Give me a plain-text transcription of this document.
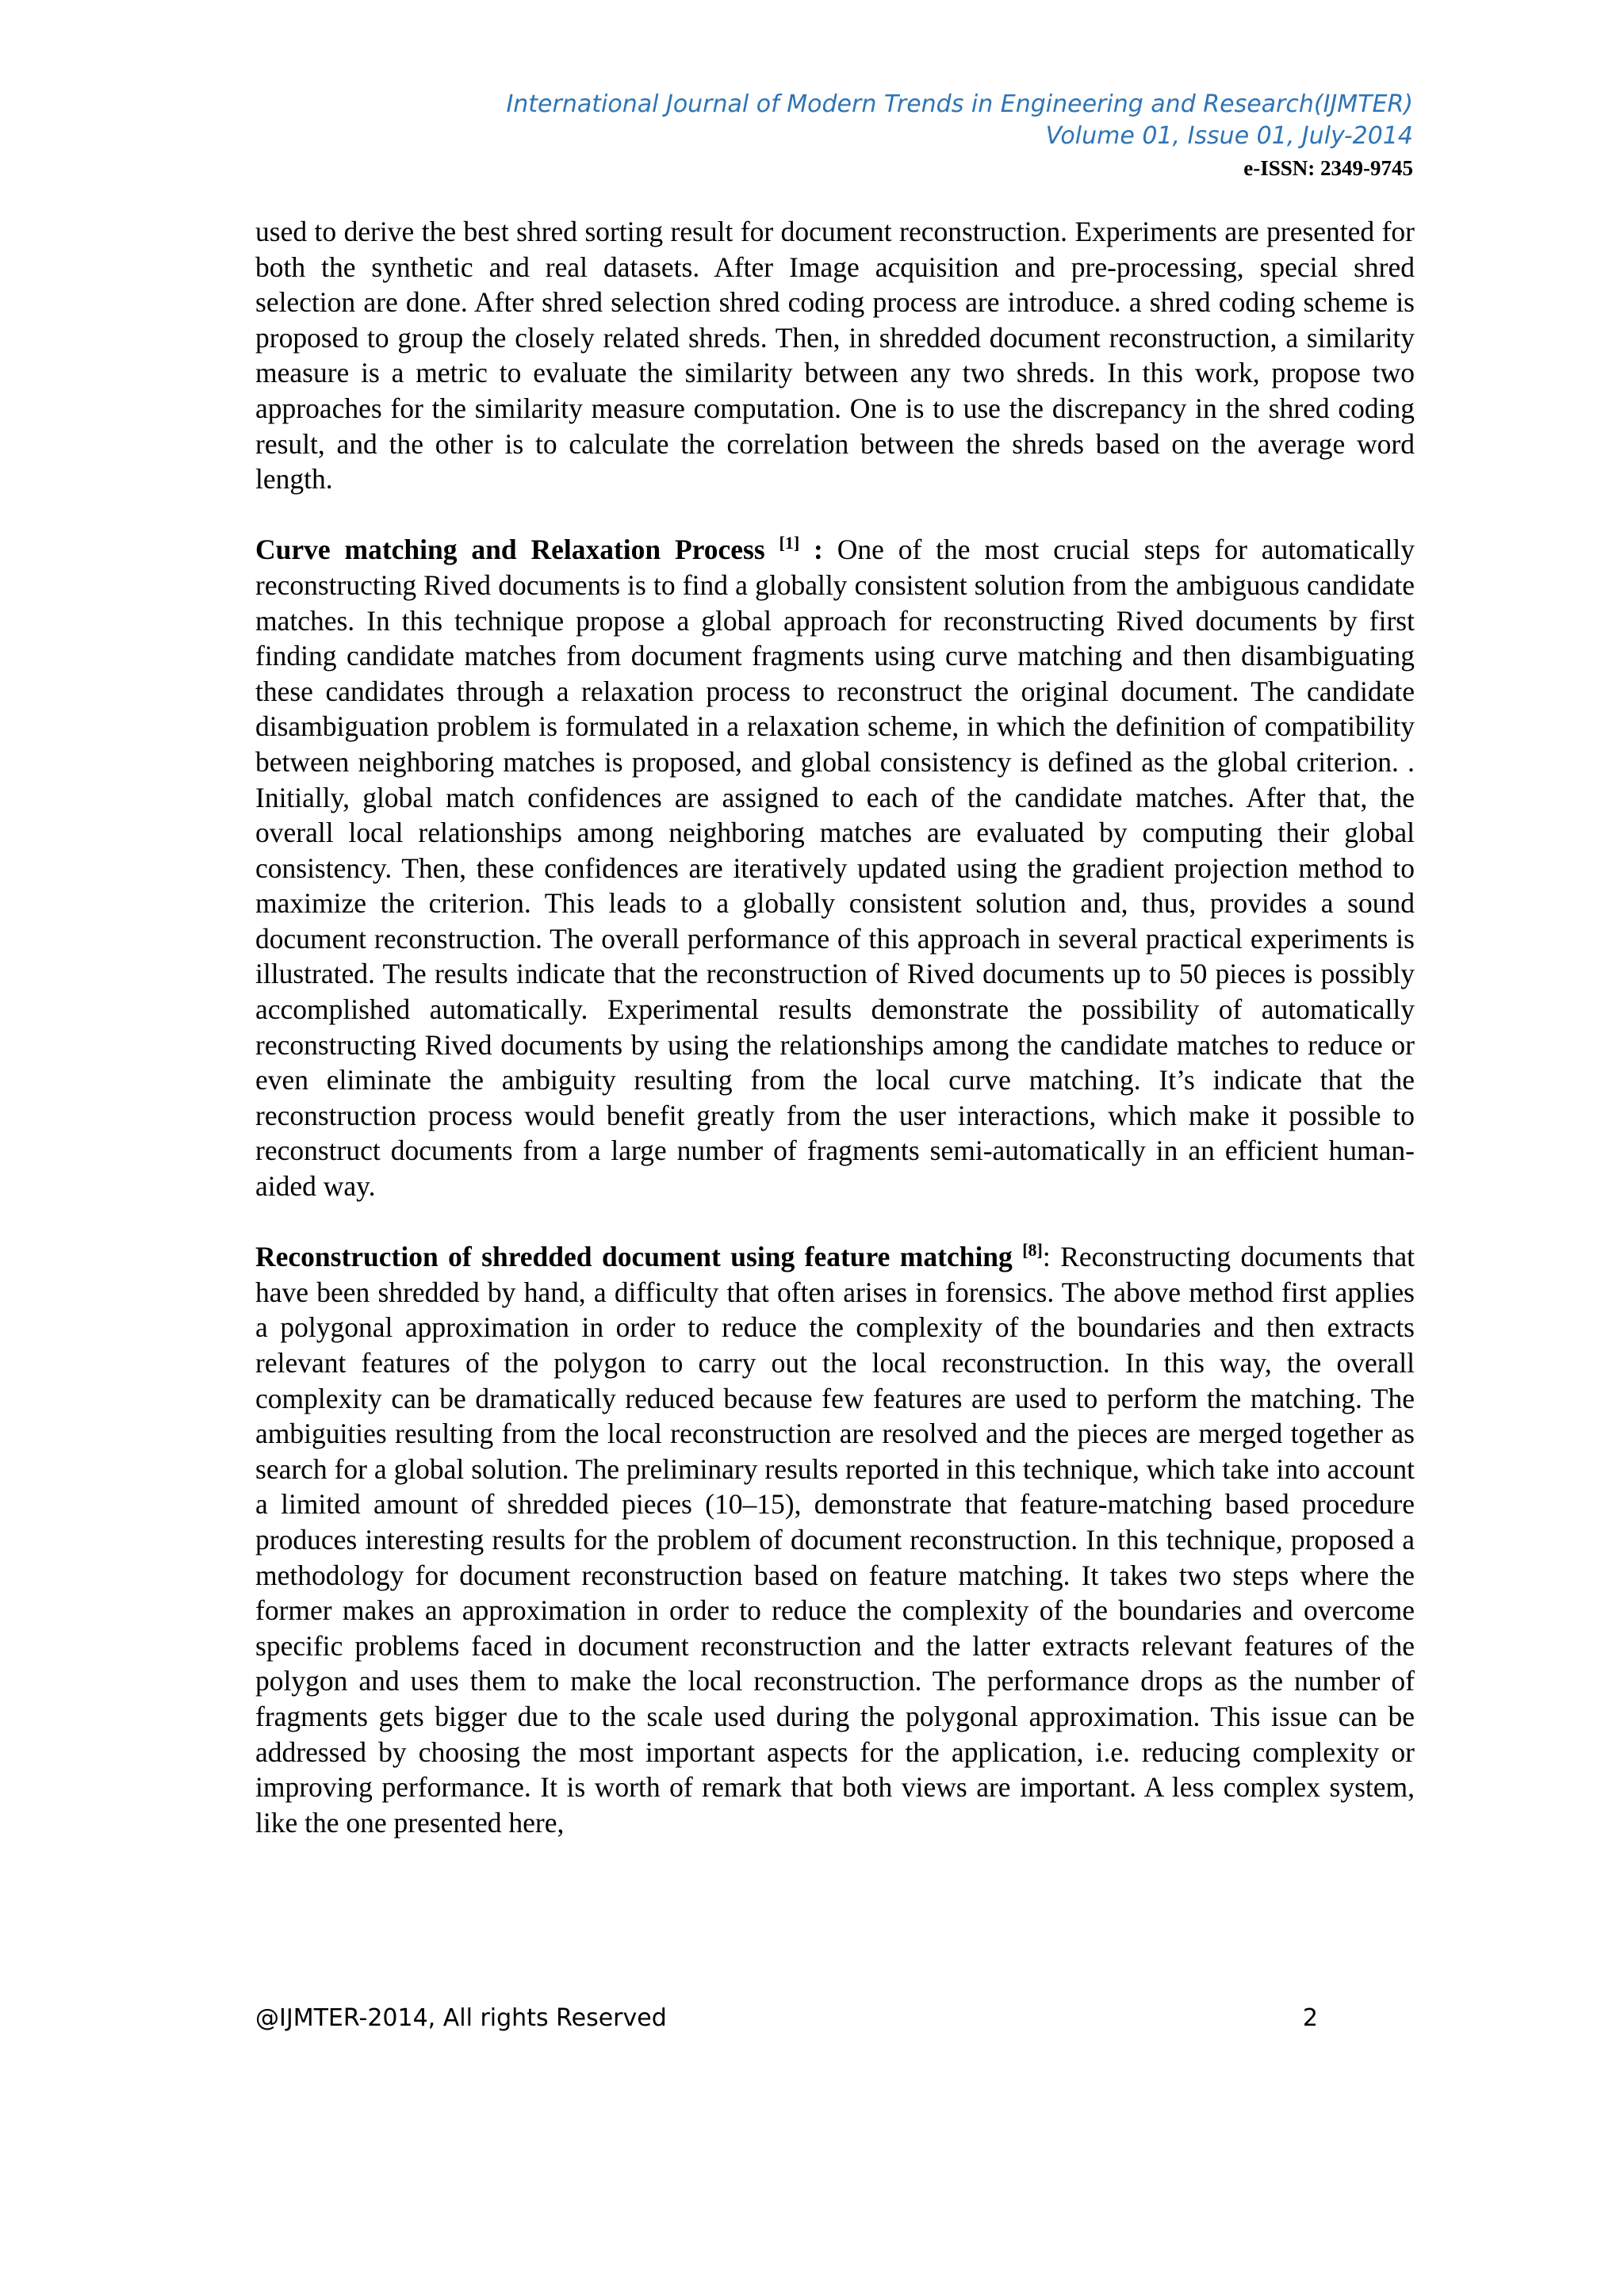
International Journal of Modern Trends in Engineering and Research(IJMTER)
Volume 01, Issue 01, July-2014
e-ISSN: 2349-9745

used to derive the best shred sorting result for document reconstruction. Experiments are presented for both the synthetic and real datasets. After Image acquisition and pre-processing, special shred selection are done. After shred selection shred coding process are introduce. a shred coding scheme is proposed to group the closely related shreds. Then, in shredded document reconstruction, a similarity measure is a metric to evaluate the similarity between any two shreds. In this work, propose two approaches for the similarity measure computation. One is to use the discrepancy in the shred coding result, and the other is to calculate the correlation between the shreds based on the average word length.

Curve matching and Relaxation Process [1] : One of the most crucial steps for automatically reconstructing Rived documents is to find a globally consistent solution from the ambiguous candidate matches. In this technique propose a global approach for reconstructing Rived documents by first finding candidate matches from document fragments using curve matching and then disambiguating these candidates through a relaxation process to reconstruct the original document. The candidate disambiguation problem is formulated in a relaxation scheme, in which the definition of compatibility between neighboring matches is proposed, and global consistency is defined as the global criterion. . Initially, global match confidences are assigned to each of the candidate matches. After that, the overall local relationships among neighboring matches are evaluated by computing their global consistency. Then, these confidences are iteratively updated using the gradient projection method to maximize the criterion. This leads to a globally consistent solution and, thus, provides a sound document reconstruction. The overall performance of this approach in several practical experiments is illustrated. The results indicate that the reconstruction of Rived documents up to 50 pieces is possibly accomplished automatically. Experimental results demonstrate the possibility of automatically reconstructing Rived documents by using the relationships among the candidate matches to reduce or even eliminate the ambiguity resulting from the local curve matching. It’s indicate that the reconstruction process would benefit greatly from the user interactions, which make it possible to reconstruct documents from a large number of fragments semi-automatically in an efficient human-aided way.

Reconstruction of shredded document using feature matching [8]: Reconstructing documents that have been shredded by hand, a difficulty that often arises in forensics. The above method first applies a polygonal approximation in order to reduce the complexity of the boundaries and then extracts relevant features of the polygon to carry out the local reconstruction. In this way, the overall complexity can be dramatically reduced because few features are used to perform the matching. The ambiguities resulting from the local reconstruction are resolved and the pieces are merged together as search for a global solution. The preliminary results reported in this technique, which take into account a limited amount of shredded pieces (10–15), demonstrate that feature-matching based procedure produces interesting results for the problem of document reconstruction. In this technique, proposed a methodology for document reconstruction based on feature matching. It takes two steps where the former makes an approximation in order to reduce the complexity of the boundaries and overcome specific problems faced in document reconstruction and the latter extracts relevant features of the polygon and uses them to make the local reconstruction. The performance drops as the number of fragments gets bigger due to the scale used during the polygonal approximation. This issue can be addressed by choosing the most important aspects for the application, i.e. reducing complexity or improving performance. It is worth of remark that both views are important. A less complex system, like the one presented here,

@IJMTER-2014, All rights Reserved	2
